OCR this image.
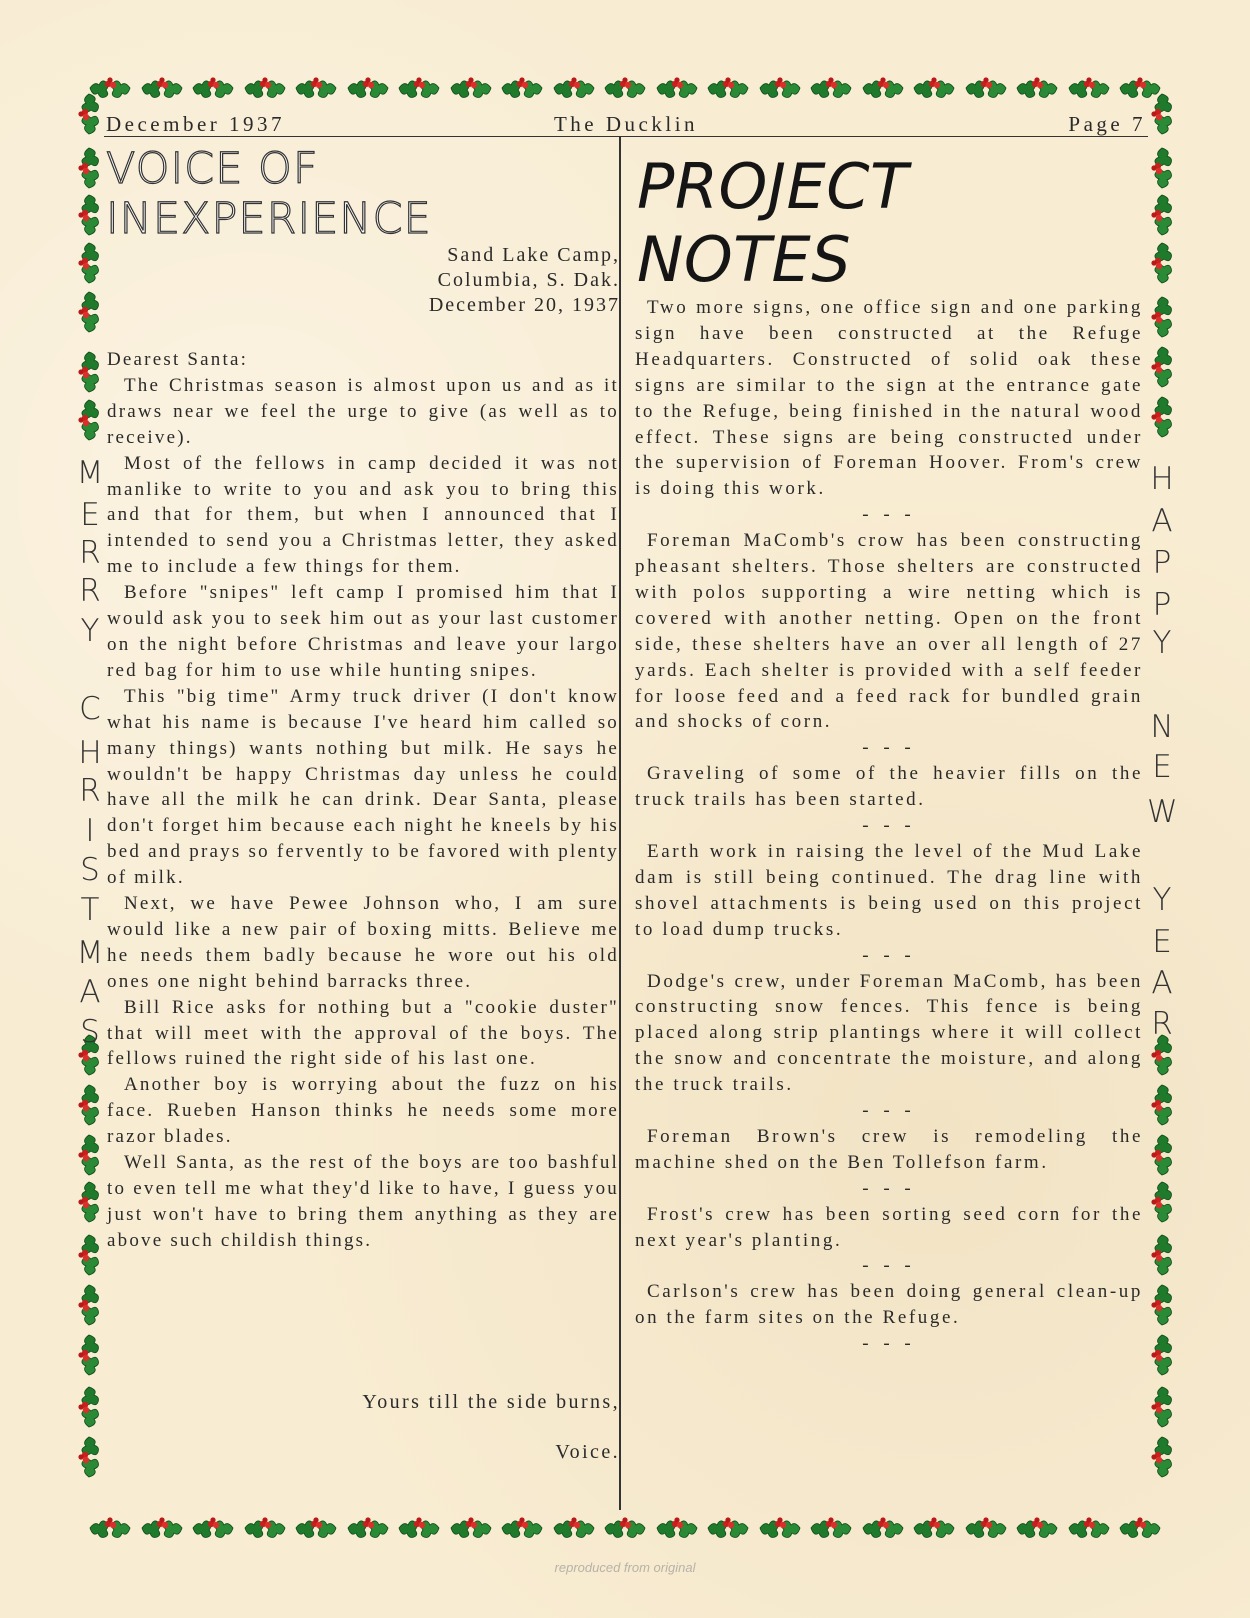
December 1937	The Ducklin	Page 7
VOICE OF
INEXPERIENCE
Sand Lake Camp,
Columbia, S. Dak.
December 20, 1937

Dearest Santa:

The Christmas season is almost upon us and as it draws near we feel the urge to give (as well as to receive).

Most of the fellows in camp decided it was not manlike to write to you and ask you to bring this and that for them, but when I announced that I intended to send you a Christmas letter, they asked me to include a few things for them.

Before "snipes" left camp I promised him that I would ask you to seek him out as your last customer on the night before Christmas and leave your largo red bag for him to use while hunting snipes.

This "big time" Army truck driver (I don't know what his name is because I've heard him called so many things) wants nothing but milk. He says he wouldn't be happy Christmas day unless he could have all the milk he can drink. Dear Santa, please don't forget him because each night he kneels by his bed and prays so fervently to be favored with plenty of milk.

Next, we have Pewee Johnson who, I am sure would like a new pair of boxing mitts. Believe me he needs them badly because he wore out his old ones one night behind barracks three.

Bill Rice asks for nothing but a "cookie duster" that will meet with the approval of the boys. The fellows ruined the right side of his last one.

Another boy is worrying about the fuzz on his face. Rueben Hanson thinks he needs some more razor blades.

Well Santa, as the rest of the boys are too bashful to even tell me what they'd like to have, I guess you just won't have to bring them anything as they are above such childish things.

Yours till the side burns,
Voice.
PROJECT
NOTES

Two more signs, one office sign and one parking sign have been constructed at the Refuge Headquarters. Constructed of solid oak these signs are similar to the sign at the entrance gate to the Refuge, being finished in the natural wood effect. These signs are being constructed under the supervision of Foreman Hoover. From's crew is doing this work.

- - -

Foreman MaComb's crow has been constructing pheasant shelters. Those shelters are constructed with polos supporting a wire netting which is covered with another netting. Open on the front side, these shelters have an over all length of 27 yards. Each shelter is provided with a self feeder for loose feed and a feed rack for bundled grain and shocks of corn.

- - -

Graveling of some of the heavier fills on the truck trails has been started.

- - -

Earth work in raising the level of the Mud Lake dam is still being continued. The drag line with shovel attachments is being used on this project to load dump trucks.

- - -

Dodge's crew, under Foreman MaComb, has been constructing snow fences. This fence is being placed along strip plantings where it will collect the snow and concentrate the moisture, and along the truck trails.

- - -

Foreman Brown's crew is remodeling the machine shed on the Ben Tollefson farm.

- - -

Frost's crew has been sorting seed corn for the next year's planting.

- - -

Carlson's crew has been doing general clean-up on the farm sites on the Refuge.

- - -
M
E
R
R
Y
C
H
R
I
S
T
M
A
S
H
A
P
P
Y
N
E
W
Y
E
A
R
reproduced from original
